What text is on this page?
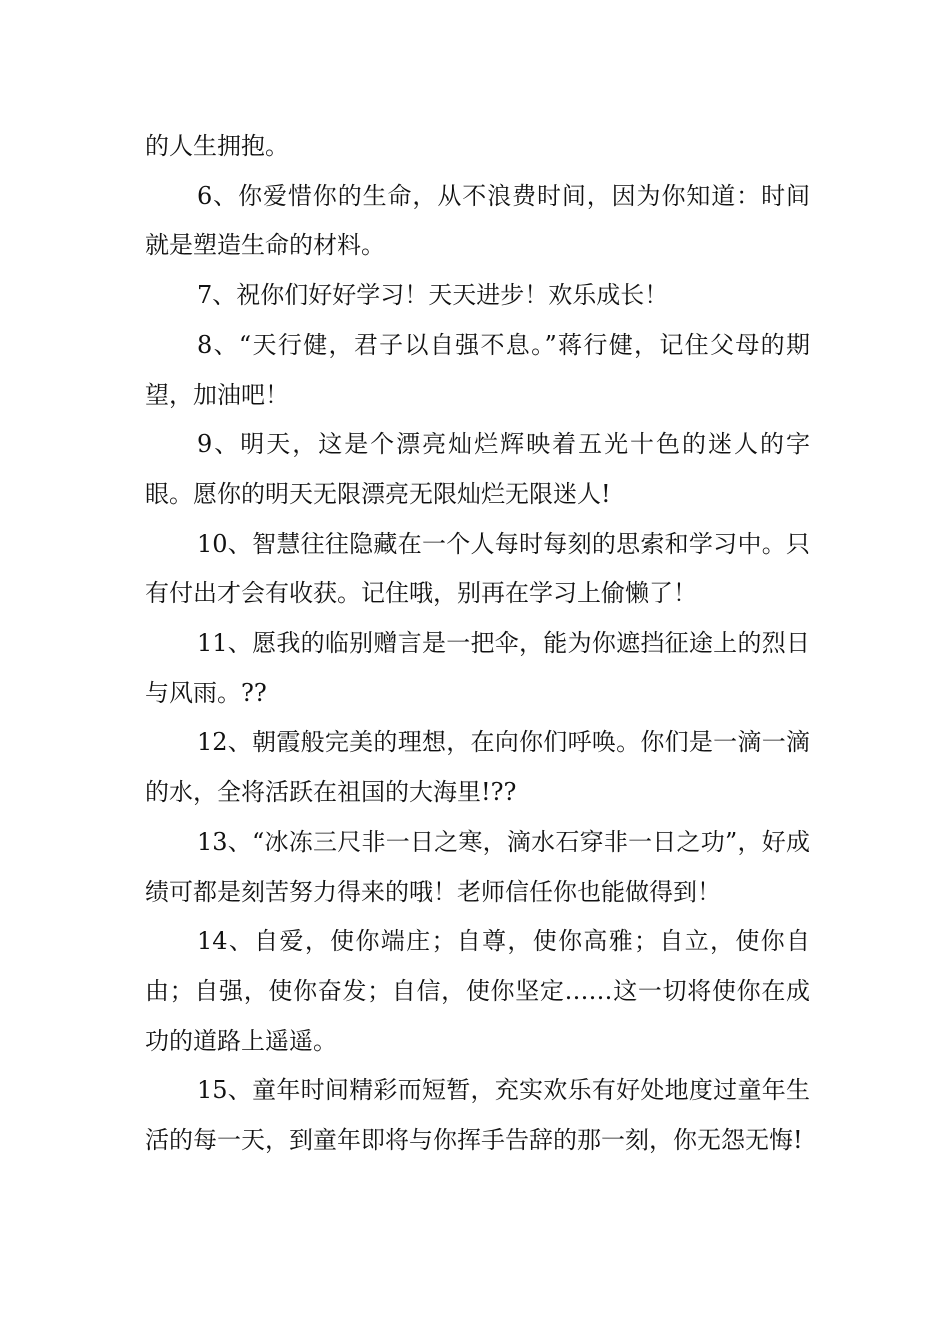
的人生拥抱。

6、你爱惜你的生命，从不浪费时间，因为你知道：时间就是塑造生命的材料。

7、祝你们好好学习！天天进步！欢乐成长！

8、“天行健，君子以自强不息。”蒋行健，记住父母的期望，加油吧！

9、明天，这是个漂亮灿烂辉映着五光十色的迷人的字眼。愿你的明天无限漂亮无限灿烂无限迷人!

10、智慧往往隐藏在一个人每时每刻的思索和学习中。只有付出才会有收获。记住哦，别再在学习上偷懒了！

11、愿我的临别赠言是一把伞，能为你遮挡征途上的烈日与风雨。??

12、朝霞般完美的理想，在向你们呼唤。你们是一滴一滴的水，全将活跃在祖国的大海里!??

13、“冰冻三尺非一日之寒，滴水石穿非一日之功”，好成绩可都是刻苦努力得来的哦！老师信任你也能做得到！

14、自爱，使你端庄；自尊，使你高雅；自立，使你自由；自强，使你奋发；自信，使你坚定……这一切将使你在成功的道路上遥遥。

15、童年时间精彩而短暂，充实欢乐有好处地度过童年生活的每一天，到童年即将与你挥手告辞的那一刻，你无怨无悔!
